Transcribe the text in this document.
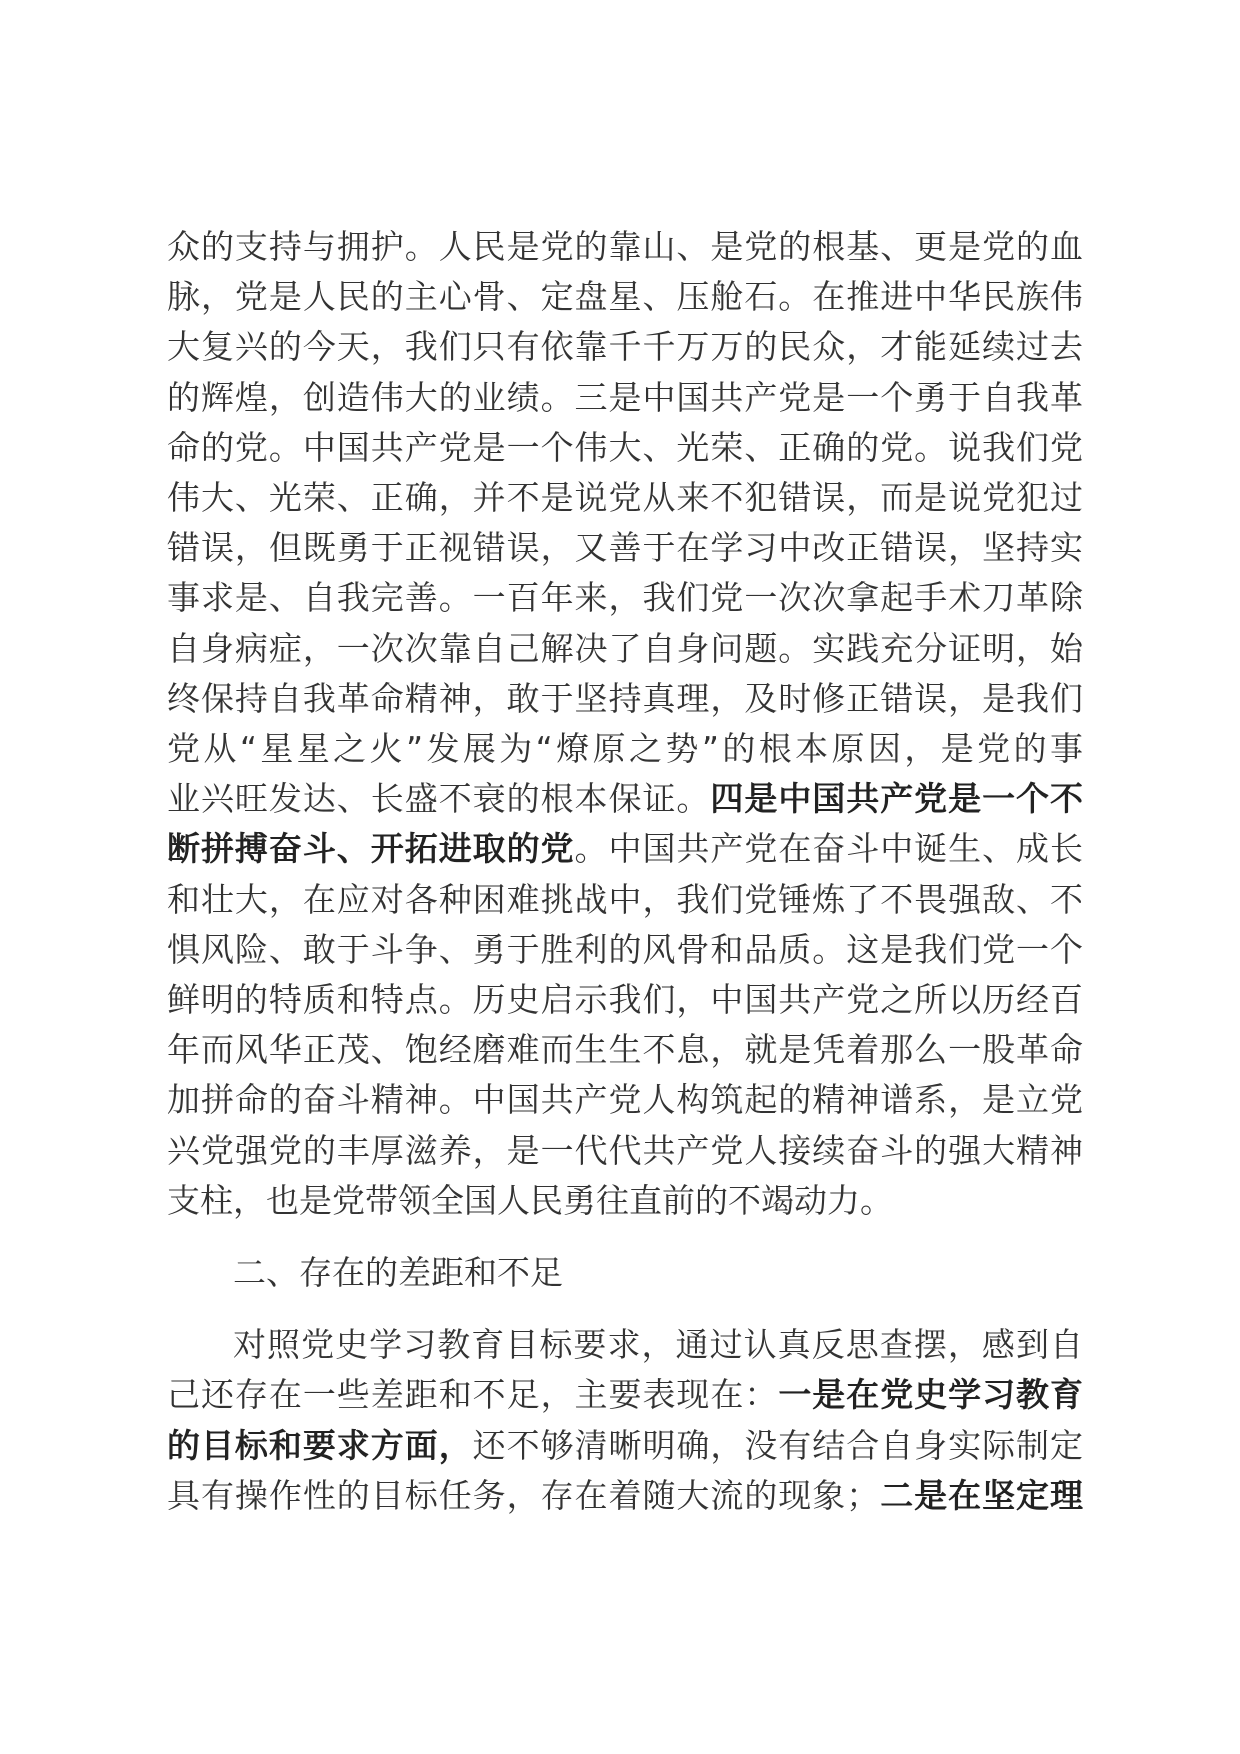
众的支持与拥护。人民是党的靠山、是党的根基、更是党的血
脉，党是人民的主心骨、定盘星、压舱石。在推进中华民族伟
大复兴的今天，我们只有依靠千千万万的民众，才能延续过去
的辉煌，创造伟大的业绩。三是中国共产党是一个勇于自我革
命的党。中国共产党是一个伟大、光荣、正确的党。说我们党
伟大、光荣、正确，并不是说党从来不犯错误，而是说党犯过
错误，但既勇于正视错误，又善于在学习中改正错误，坚持实
事求是、自我完善。一百年来，我们党一次次拿起手术刀革除
自身病症，一次次靠自己解决了自身问题。实践充分证明，始
终保持自我革命精神，敢于坚持真理，及时修正错误，是我们
党从“星星之火”发展为“燎原之势”的根本原因，是党的事
业兴旺发达、长盛不衰的根本保证。四是中国共产党是一个不
断拼搏奋斗、开拓进取的党。中国共产党在奋斗中诞生、成长
和壮大，在应对各种困难挑战中，我们党锤炼了不畏强敌、不
惧风险、敢于斗争、勇于胜利的风骨和品质。这是我们党一个
鲜明的特质和特点。历史启示我们，中国共产党之所以历经百
年而风华正茂、饱经磨难而生生不息，就是凭着那么一股革命
加拼命的奋斗精神。中国共产党人构筑起的精神谱系，是立党
兴党强党的丰厚滋养，是一代代共产党人接续奋斗的强大精神
支柱，也是党带领全国人民勇往直前的不竭动力。
二、存在的差距和不足
对照党史学习教育目标要求，通过认真反思查摆，感到自
己还存在一些差距和不足，主要表现在：一是在党史学习教育
的目标和要求方面，还不够清晰明确，没有结合自身实际制定
具有操作性的目标任务，存在着随大流的现象；二是在坚定理
